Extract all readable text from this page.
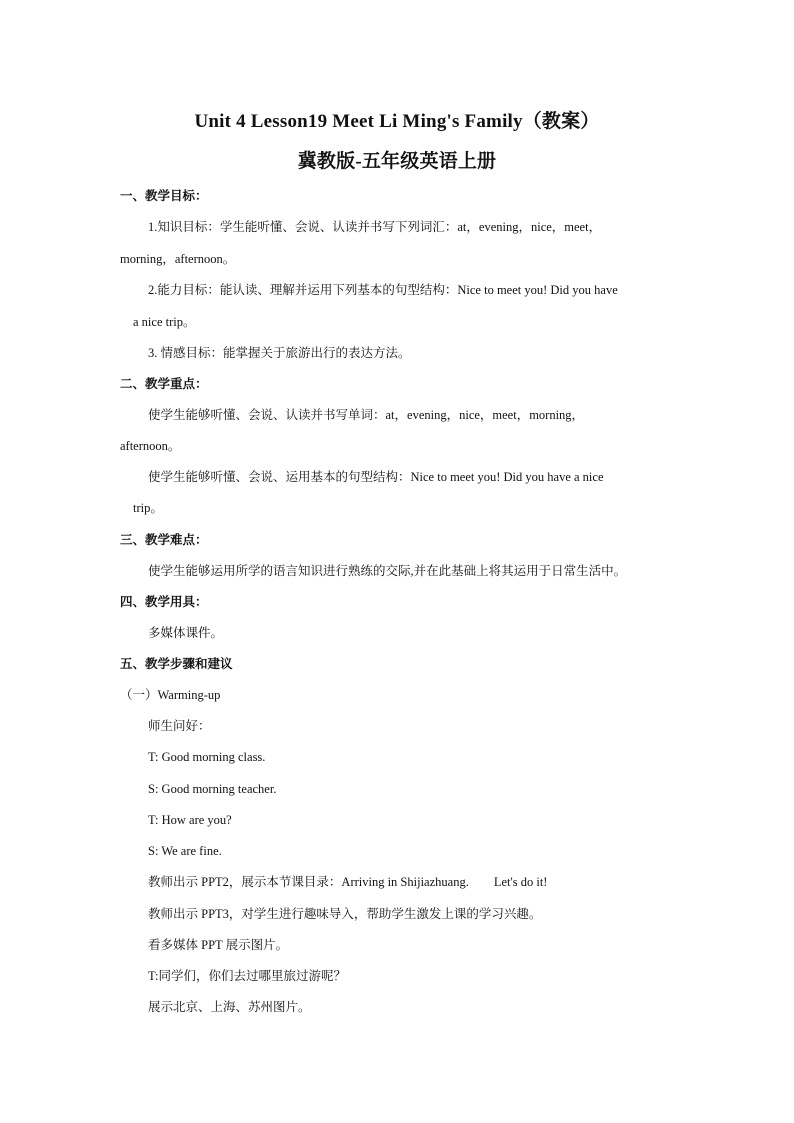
Unit 4 Lesson19 Meet Li Ming's Family（教案）
冀教版-五年级英语上册
一、教学目标：
1.知识目标：学生能听懂、会说、认读并书写下列词汇：at，evening，nice，meet，
morning，afternoon。
2.能力目标：能认读、理解并运用下列基本的句型结构：Nice to meet you! Did you have
a nice trip。
3. 情感目标：能掌握关于旅游出行的表达方法。
二、教学重点：
使学生能够听懂、会说、认读并书写单词：at，evening，nice，meet，morning，
afternoon。
使学生能够听懂、会说、运用基本的句型结构：Nice to meet you! Did you have a nice
trip。
三、教学难点：
使学生能够运用所学的语言知识进行熟练的交际,并在此基础上将其运用于日常生活中。
四、教学用具：
多媒体课件。
五、教学步骤和建议
（一）Warming-up
师生问好：
T: Good morning class.
S: Good morning teacher.
T: How are you?
S: We are fine.
教师出示 PPT2，展示本节课目录：Arriving in Shijiazhuang.        Let's do it!
教师出示 PPT3，对学生进行趣味导入，帮助学生激发上课的学习兴趣。
看多媒体 PPT 展示图片。
T:同学们，你们去过哪里旅过游呢？
展示北京、上海、苏州图片。
